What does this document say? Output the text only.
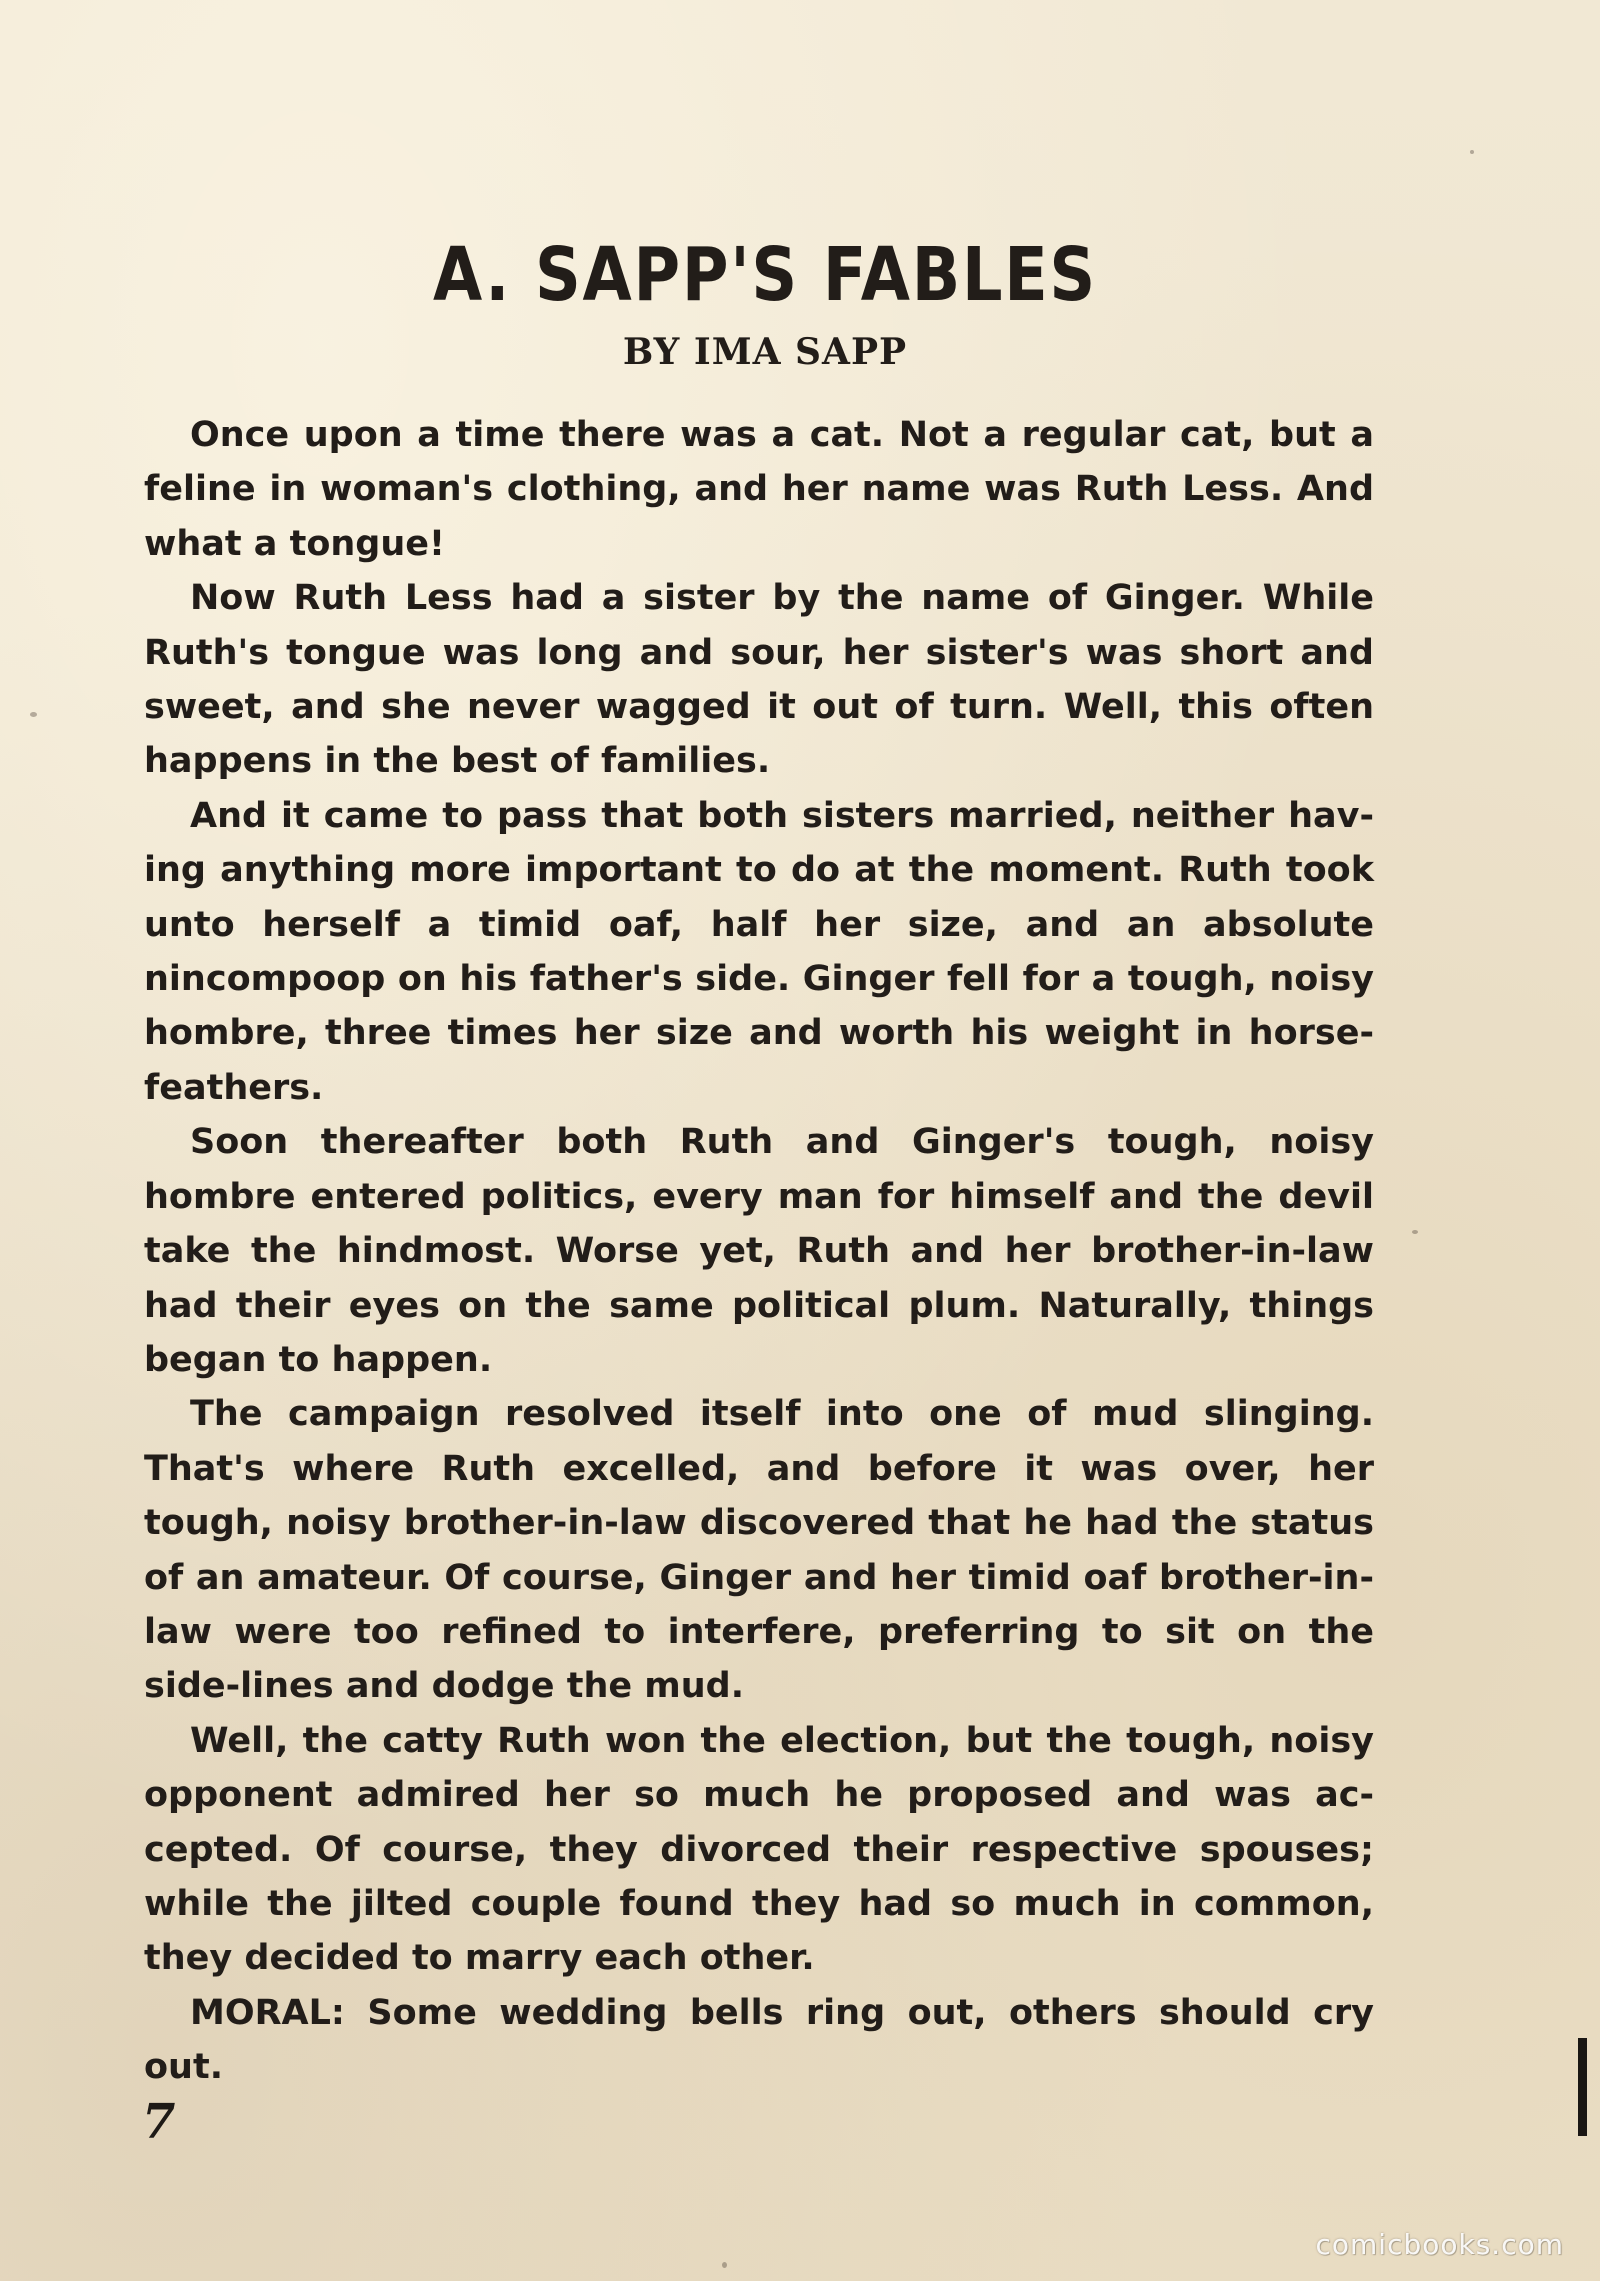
A. SAPP'S FABLES
BY IMA SAPP

Once upon a time there was a cat. Not a regular cat, but a feline in woman's clothing, and her name was Ruth Less. And what a tongue!

Now Ruth Less had a sister by the name of Ginger. While Ruth's tongue was long and sour, her sister's was short and sweet, and she never wagged it out of turn. Well, this often happens in the best of families.

And it came to pass that both sisters married, neither having anything more important to do at the moment. Ruth took unto herself a timid oaf, half her size, and an absolute nincompoop on his father's side. Ginger fell for a tough, noisy hombre, three times her size and worth his weight in horse-feathers.

Soon thereafter both Ruth and Ginger's tough, noisy hombre entered politics, every man for himself and the devil take the hindmost. Worse yet, Ruth and her brother-in-law had their eyes on the same political plum. Naturally, things began to happen.

The campaign resolved itself into one of mud slinging. That's where Ruth excelled, and before it was over, her tough, noisy brother-in-law discovered that he had the status of an amateur. Of course, Ginger and her timid oaf brother-in-law were too refined to interfere, preferring to sit on the side-lines and dodge the mud.

Well, the catty Ruth won the election, but the tough, noisy opponent admired her so much he proposed and was accepted. Of course, they divorced their respective spouses; while the jilted couple found they had so much in common, they decided to marry each other.

MORAL: Some wedding bells ring out, others should cry out.

7
comicbooks.com
